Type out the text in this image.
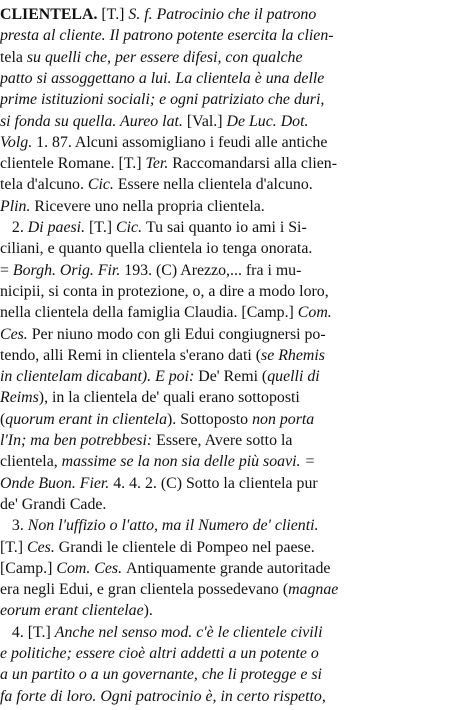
CLIENTELA. [T.] S. f. Patrocinio che il patrono
presta al cliente. Il patrono potente esercita la clien-
tela su quelli che, per essere difesi, con qualche
patto si assoggettano a lui. La clientela è una delle
prime istituzioni sociali; e ogni patriziato che duri,
si fonda su quella. Aureo lat. [Val.] De Luc. Dot.
Volg. 1. 87. Alcuni assomigliano i feudi alle antiche
clientele Romane. [T.] Ter. Raccomandarsi alla clien-
tela d'alcuno. Cic. Essere nella clientela d'alcuno.
Plin. Ricevere uno nella propria clientela.
2. Di paesi. [T.] Cic. Tu sai quanto io ami i Si-
ciliani, e quanto quella clientela io tenga onorata.
= Borgh. Orig. Fir. 193. (C) Arezzo,... fra i mu-
nicipii, si conta in protezione, o, a dire a modo loro,
nella clientela della famiglia Claudia. [Camp.] Com.
Ces. Per niuno modo con gli Edui congiugnersi po-
tendo, alli Remi in clientela s'erano dati (se Rhemis
in clientelam dicabant). E poi: De' Remi (quelli di
Reims), in la clientela de' quali erano sottoposti
(quorum erant in clientela). Sottoposto non porta
l'In; ma ben potrebbesi: Essere, Avere sotto la
clientela, massime se la non sia delle più soavi. =
Onde Buon. Fier. 4. 4. 2. (C) Sotto la clientela pur
de' Grandi Cade.
3. Non l'uffizio o l'atto, ma il Numero de' clienti.
[T.] Ces. Grandi le clientele di Pompeo nel paese.
[Camp.] Com. Ces. Antiquamente grande autoritade
era negli Edui, e gran clientela possedevano (magnae
eorum erant clientelae).
4. [T.] Anche nel senso mod. c'è le clientele civili
e politiche; essere cioè altri addetti a un potente o
a un partito o a un governante, che li protegge e si
fa forte di loro. Ogni patrocinio è, in certo rispetto,
